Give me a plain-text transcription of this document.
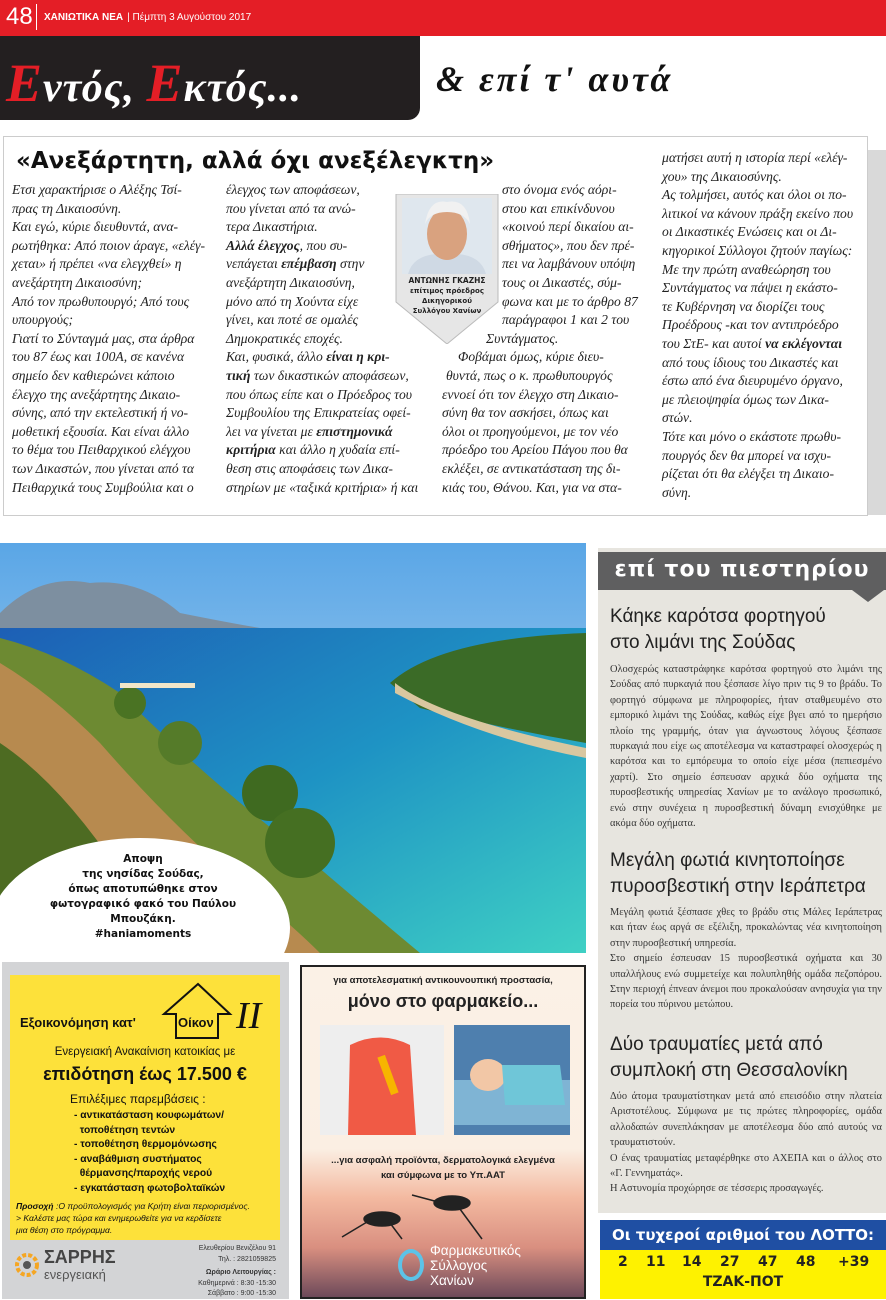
48 ΧΑΝΙΩΤΙΚΑ ΝΕΑ | Πέμπτη 3 Αυγούστου 2017
Εντός, Εκτός...	& επί τ' αυτά
«Ανεξάρτητη, αλλά όχι ανεξέλεγκτη»
ΑΝΤΩΝΗΣ ΓΚΑΖΗΣ
επίτιμος πρόεδρος
Δικηγορικού
Συλλόγου Χανίων
Ετσι χαρακτήρισε ο Αλέξης Τσί-
πρας τη Δικαιοσύνη.
Και εγώ, κύριε διευθυντά, ανα-
ρωτήθηκα: Από ποιον άραγε, «ελέγ-
χεται» ή πρέπει «να ελεγχθεί» η
ανεξάρτητη Δικαιοσύνη;
Από τον πρωθυπουργό; Από τους
υπουργούς;
Γιατί το Σύνταγμά μας, στα άρθρα
του 87 έως και 100Α, σε κανένα
σημείο δεν καθιερώνει κάποιο
έλεγχο της ανεξάρτητης Δικαιο-
σύνης, από την εκτελεστική ή νο-
μοθετική εξουσία. Και είναι άλλο
το θέμα του Πειθαρχικού ελέγχου
των Δικαστών, που γίνεται από τα
Πειθαρχικά τους Συμβούλια και ο
έλεγχος των αποφάσεων,
που γίνεται από τα ανώ-
τερα Δικαστήρια.
Αλλά έλεγχος, που συ-
νεπάγεται επέμβαση στην
ανεξάρτητη Δικαιοσύνη,
μόνο από τη Χούντα είχε
γίνει, και ποτέ σε ομαλές
Δημοκρατικές εποχές.
Και, φυσικά, άλλο είναι η κρι-
τική των δικαστικών αποφάσεων,
που όπως είπε και ο Πρόεδρος του
Συμβουλίου της Επικρατείας οφεί-
λει να γίνεται με επιστημονικά
κριτήρια και άλλο η χυδαία επί-
θεση στις αποφάσεις των Δικα-
στηρίων με «ταξικά κριτήρια» ή και
στο όνομα ενός αόρι-
στου και επικίνδυνου
«κοινού περί δικαίου αι-
σθήματος», που δεν πρέ-
πει να λαμβάνουν υπόψη
τους οι Δικαστές, σύμ-
φωνα και με το άρθρο 87
παράγραφοι 1 και 2 του
Συντάγματος.
Φοβάμαι όμως, κύριε διευ-
θυντά, πως ο κ. πρωθυπουργός
εννοεί ότι τον έλεγχο στη Δικαιο-
σύνη θα τον ασκήσει, όπως και
όλοι οι προηγούμενοι, με τον νέο
πρόεδρο του Αρείου Πάγου που θα
εκλέξει, σε αντικατάσταση της δι-
κιάς του, Θάνου. Και, για να στα-
ματήσει αυτή η ιστορία περί «ελέγ-
χου» της Δικαιοσύνης.
Ας τολμήσει, αυτός και όλοι οι πο-
λιτικοί να κάνουν πράξη εκείνο που
οι Δικαστικές Ενώσεις και οι Δι-
κηγορικοί Σύλλογοι ζητούν παγίως:
Με την πρώτη αναθεώρηση του
Συντάγματος να πάψει η εκάστο-
τε Κυβέρνηση να διορίζει τους
Προέδρους -και τον αντιπρόεδρο
του ΣτΕ- και αυτοί να εκλέγονται
από τους ίδιους του Δικαστές και
έστω από ένα διευρυμένο όργανο,
με πλειοψηφία όμως των Δικα-
στών.
Τότε και μόνο ο εκάστοτε πρωθυ-
πουργός δεν θα μπορεί να ισχυ-
ρίζεται ότι θα ελέγξει τη Δικαιο-
σύνη.
Αποψη
της νησίδας Σούδας,
όπως αποτυπώθηκε στον
φωτογραφικό φακό του Παύλου
Μπουζάκη.
#haniamoments
επί του πιεστηρίου
Κάηκε καρότσα φορτηγού
στο λιμάνι της Σούδας
Ολοσχερώς καταστράφηκε καρότσα φορτηγού στο λιμάνι της Σούδας από πυρκαγιά που ξέσπασε λίγο πριν τις 9 το βράδυ. Το φορτηγό σύμφωνα με πληροφορίες, ήταν σταθμευμένο στο εμπορικό λιμάνι της Σούδας, καθώς είχε βγει από το ημερήσιο πλοίο της γραμμής, όταν για άγνωστους λόγους ξέσπασε πυρκαγιά που είχε ως αποτέλεσμα να καταστραφεί ολοσχερώς η καρότσα και το εμπόρευμα το οποίο είχε μέσα (πεπιεσμένο χαρτί). Στο σημείο έσπευσαν αρχικά δύο οχήματα της πυροσβεστικής υπηρεσίας Χανίων με το ανάλογο προσωπικό, ενώ στην συνέχεια η πυροσβεστική δύναμη ενισχύθηκε με ακόμα δύο οχήματα.
Μεγάλη φωτιά κινητοποίησε
πυροσβεστική στην Ιεράπετρα
Μεγάλη φωτιά ξέσπασε χθες το βράδυ στις Μάλες Ιεράπετρας και ήταν έως αργά σε εξέλιξη, προκαλώντας νέα κινητοποίηση στην πυροσβεστική υπηρεσία.
Στο σημείο έσπευσαν 15 πυροσβεστικά οχήματα και 30 υπαλλήλους ενώ συμμετείχε και πολυπληθής ομάδα πεζοπόρου. Στην περιοχή έπνεαν άνεμοι που προκαλούσαν ανησυχία για την πορεία του πύρινου μετώπου.
Δύο τραυματίες μετά από
συμπλοκή στη Θεσσαλονίκη
Δύο άτομα τραυματίστηκαν μετά από επεισόδιο στην πλατεία Αριστοτέλους. Σύμφωνα με τις πρώτες πληροφορίες, ομάδα αλλοδαπών συνεπλάκησαν με αποτέλεσμα δύο από αυτούς να τραυματιστούν.
Ο ένας τραυματίας μεταφέρθηκε στο ΑΧΕΠΑ και ο άλλος στο «Γ. Γεννηματάς».
Η Αστυνομία προχώρησε σε τέσσερις προσαγωγές.
Εξοικονόμηση κατ'	Οίκον II
Ενεργειακή Ανακαίνιση κατοικίας με
επιδότηση έως 17.500 €
Επιλέξιμες παρεμβάσεις :
- αντικατάσταση κουφωμάτων/
τοποθέτηση τεντών
- τοποθέτηση θερμομόνωσης
- αναβάθμιση συστήματος
θέρμανσης/παροχής νερού
- εγκατάσταση φωτοβολταϊκών
Προσοχή :Ο προϋπολογισμός για Κρήτη είναι περιορισμένος.
> Καλέστε μας τώρα και ενημερωθείτε για να κερδίσετε
μια θέση στο πρόγραμμα.
ΣΑΡΡΗΣ
ενεργειακή
Ελευθερίου Βενιζέλου 91
Τηλ. : 2821059825
Ωράριο Λειτουργίας :
Καθημερινά : 8:30 -15:30
Σάββατο : 9:00 -15:30
για αποτελεσματική αντικουνουπική προστασία,
μόνο στο φαρμακείο...
...για ασφαλή προϊόντα, δερματολογικά ελεγμένα
και σύμφωνα με το Υπ.ΑΑΤ
Φαρμακευτικός
Σύλλογος
Χανίων
Οι τυχεροί αριθμοί του ΛΟΤΤΟ:
2 11 14 27 47 48 +39
ΤΖΑΚ-ΠΟΤ
